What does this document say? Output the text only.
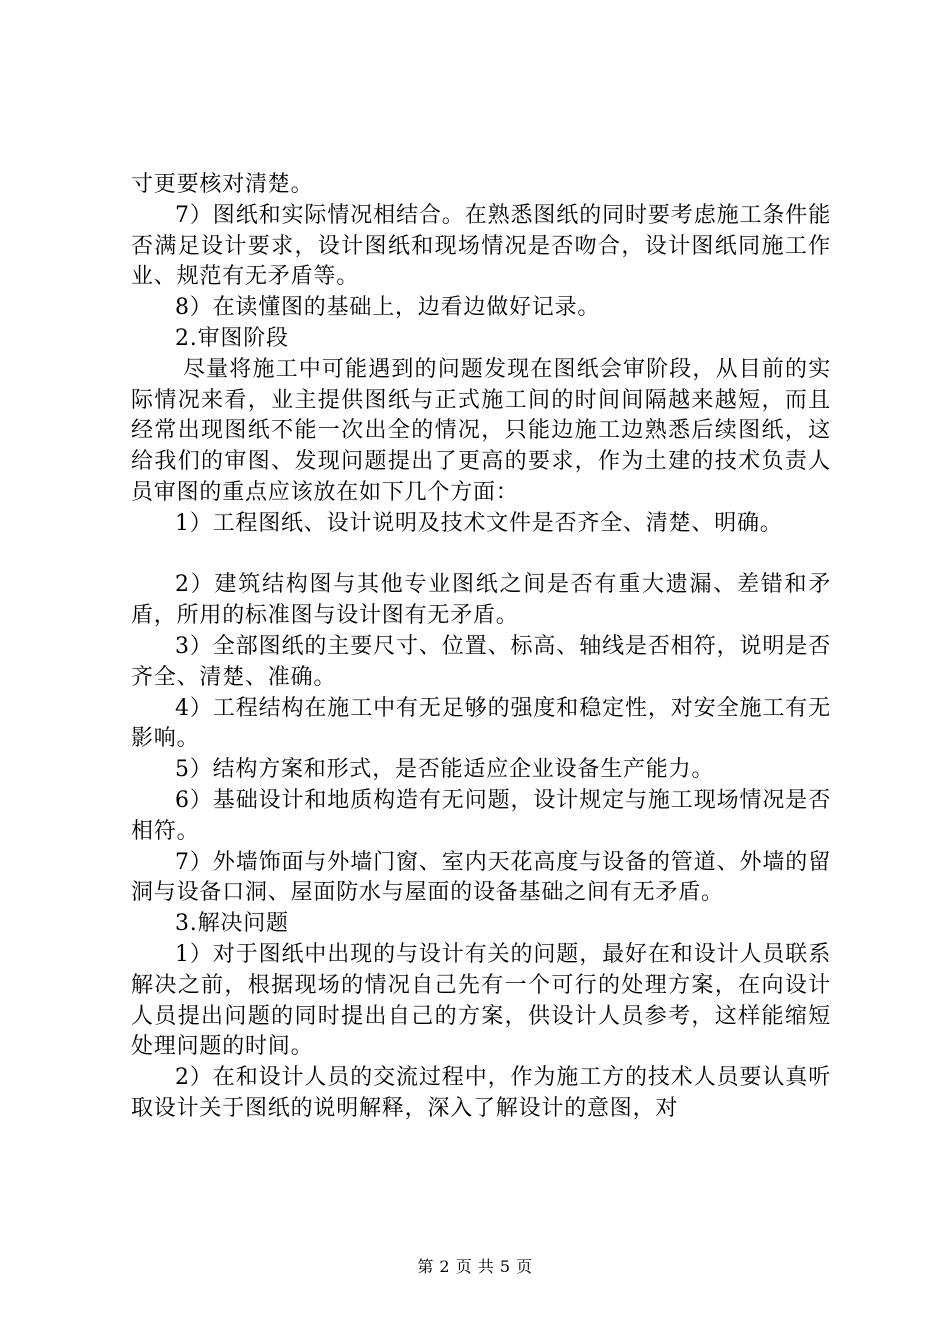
寸更要核对清楚。

7）图纸和实际情况相结合。在熟悉图纸的同时要考虑施工条件能否满足设计要求，设计图纸和现场情况是否吻合，设计图纸同施工作业、规范有无矛盾等。

8）在读懂图的基础上，边看边做好记录。

2.审图阶段

尽量将施工中可能遇到的问题发现在图纸会审阶段，从目前的实际情况来看，业主提供图纸与正式施工间的时间间隔越来越短，而且经常出现图纸不能一次出全的情况，只能边施工边熟悉后续图纸，这给我们的审图、发现问题提出了更高的要求，作为土建的技术负责人员审图的重点应该放在如下几个方面：

1）工程图纸、设计说明及技术文件是否齐全、清楚、明确。

2）建筑结构图与其他专业图纸之间是否有重大遗漏、差错和矛盾，所用的标准图与设计图有无矛盾。

3）全部图纸的主要尺寸、位置、标高、轴线是否相符，说明是否齐全、清楚、准确。

4）工程结构在施工中有无足够的强度和稳定性，对安全施工有无影响。

5）结构方案和形式，是否能适应企业设备生产能力。

6）基础设计和地质构造有无问题，设计规定与施工现场情况是否相符。

7）外墙饰面与外墙门窗、室内天花高度与设备的管道、外墙的留洞与设备口洞、屋面防水与屋面的设备基础之间有无矛盾。

3.解决问题

1）对于图纸中出现的与设计有关的问题，最好在和设计人员联系解决之前，根据现场的情况自己先有一个可行的处理方案，在向设计人员提出问题的同时提出自己的方案，供设计人员参考，这样能缩短处理问题的时间。

2）在和设计人员的交流过程中，作为施工方的技术人员要认真听取设计关于图纸的说明解释，深入了解设计的意图，对

第 2 页 共 5 页
